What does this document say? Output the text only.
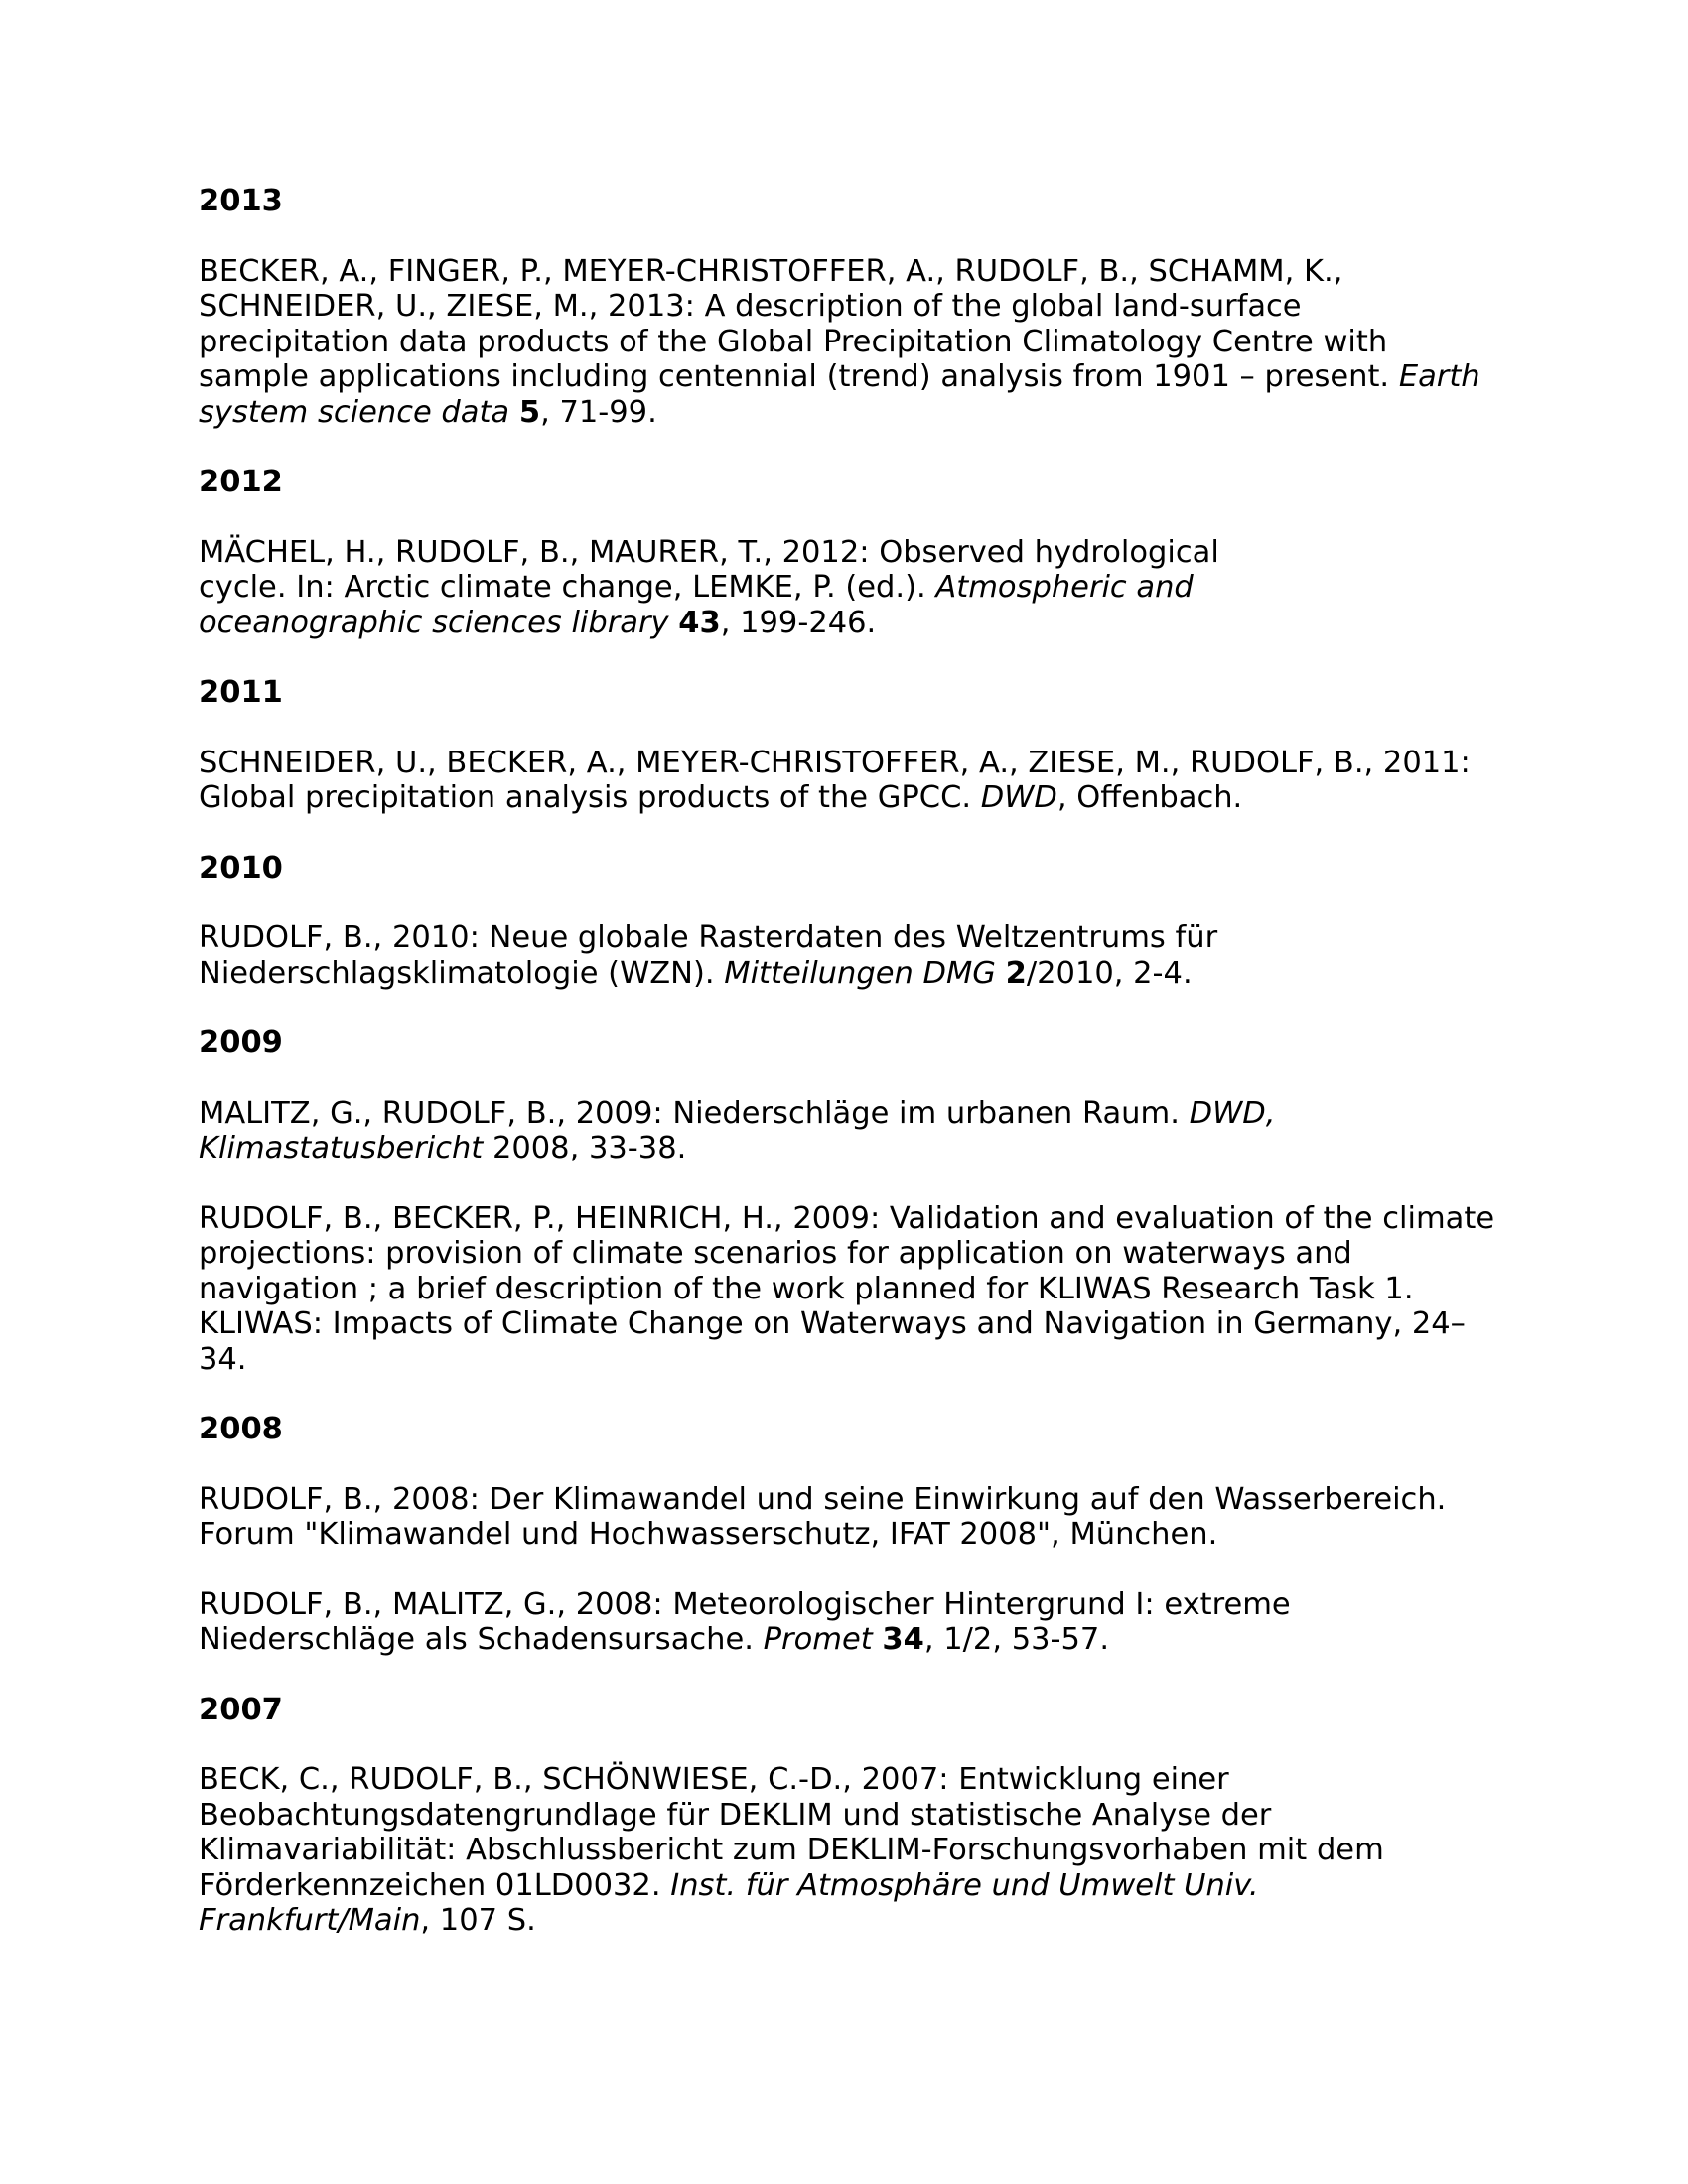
2013
BECKER, A., FINGER, P., MEYER-CHRISTOFFER, A., RUDOLF, B., SCHAMM, K., SCHNEIDER, U., ZIESE, M., 2013: A description of the global land-surface precipitation data products of the Global Precipitation Climatology Centre with sample applications including centennial (trend) analysis from 1901 – present. Earth system science data 5, 71-99.
2012
MÄCHEL, H., RUDOLF, B., MAURER, T., 2012: Observed hydrological cycle. In: Arctic climate change, LEMKE, P. (ed.). Atmospheric and oceanographic sciences library 43, 199-246.
2011
SCHNEIDER, U., BECKER, A., MEYER-CHRISTOFFER, A., ZIESE, M., RUDOLF, B., 2011: Global precipitation analysis products of the GPCC. DWD, Offenbach.
2010
RUDOLF, B., 2010: Neue globale Rasterdaten des Weltzentrums für Niederschlagsklimatologie (WZN). Mitteilungen DMG 2/2010, 2-4.
2009
MALITZ, G., RUDOLF, B., 2009: Niederschläge im urbanen Raum. DWD, Klimastatusbericht 2008, 33-38.
RUDOLF, B., BECKER, P., HEINRICH, H., 2009: Validation and evaluation of the climate projections: provision of climate scenarios for application on waterways and navigation ; a brief description of the work planned for KLIWAS Research Task 1. KLIWAS: Impacts of Climate Change on Waterways and Navigation in Germany, 24–34.
2008
RUDOLF, B., 2008: Der Klimawandel und seine Einwirkung auf den Wasserbereich. Forum "Klimawandel und Hochwasserschutz, IFAT 2008", München.
RUDOLF, B., MALITZ, G., 2008: Meteorologischer Hintergrund I: extreme Niederschläge als Schadensursache. Promet 34, 1/2, 53-57.
2007
BECK, C., RUDOLF, B., SCHÖNWIESE, C.-D., 2007: Entwicklung einer Beobachtungsdatengrundlage für DEKLIM und statistische Analyse der Klimavariabilität: Abschlussbericht zum DEKLIM-Forschungsvorhaben mit dem Förderkennzeichen 01LD0032. Inst. für Atmosphäre und Umwelt Univ. Frankfurt/Main, 107 S.
